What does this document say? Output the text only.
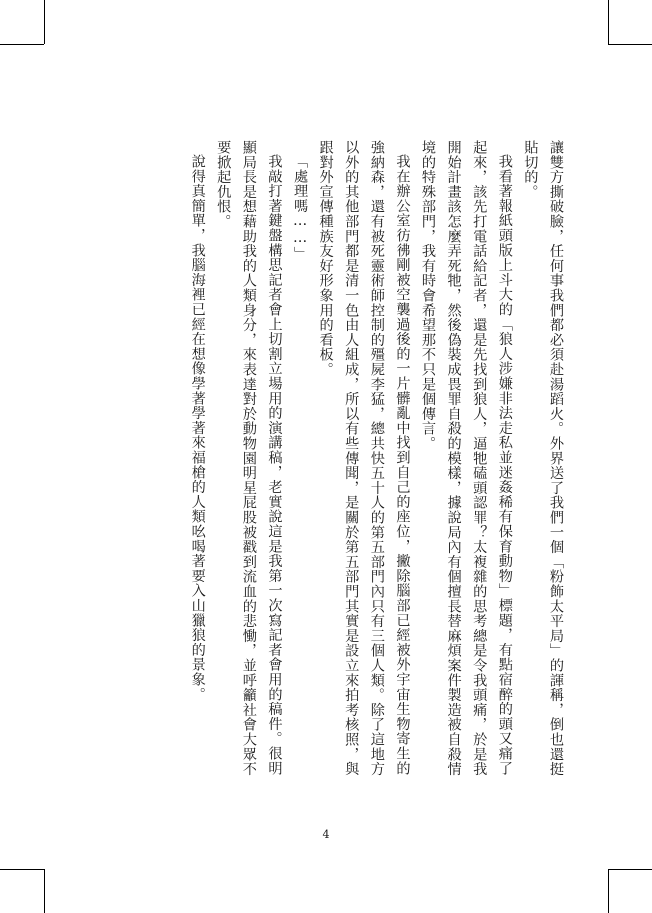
讓雙方撕破臉，任何事我們都必須赴湯蹈火。外界送了我們一個「粉飾太平局」的諢稱，倒也還挺貼切的。

我看著報紙頭版上斗大的「狼人涉嫌非法走私並迷姦稀有保育動物」標題，有點宿醉的頭又痛了起來，該先打電話給記者，還是先找到狼人，逼牠磕頭認罪？太複雜的思考總是令我頭痛，於是我開始計畫該怎麼弄死牠，然後偽裝成畏罪自殺的模樣，據說局內有個擅長替麻煩案件製造被自殺情境的特殊部門，我有時會希望那不只是個傳言。

我在辦公室彷彿剛被空襲過後的一片髒亂中找到自己的座位，撇除腦部已經被外宇宙生物寄生的強納森，還有被死靈術師控制的殭屍李猛，總共快五十人的第五部門內只有三個人類。除了這地方以外的其他部門都是清一色由人組成，所以有些傳聞，是關於第五部門其實是設立來拍考核照，與跟對外宣傳種族友好形象用的看板。

「處理嗎……」

我敲打著鍵盤構思記者會上切割立場用的演講稿，老實說這是我第一次寫記者會用的稿件。很明顯局長是想藉助我的人類身分，來表達對於動物園明星屁股被戳到流血的悲慟，並呼籲社會大眾不要掀起仇恨。

說得真簡單，我腦海裡已經在想像學著學著來福槍的人類吆喝著要入山獵狼的景象。

4
